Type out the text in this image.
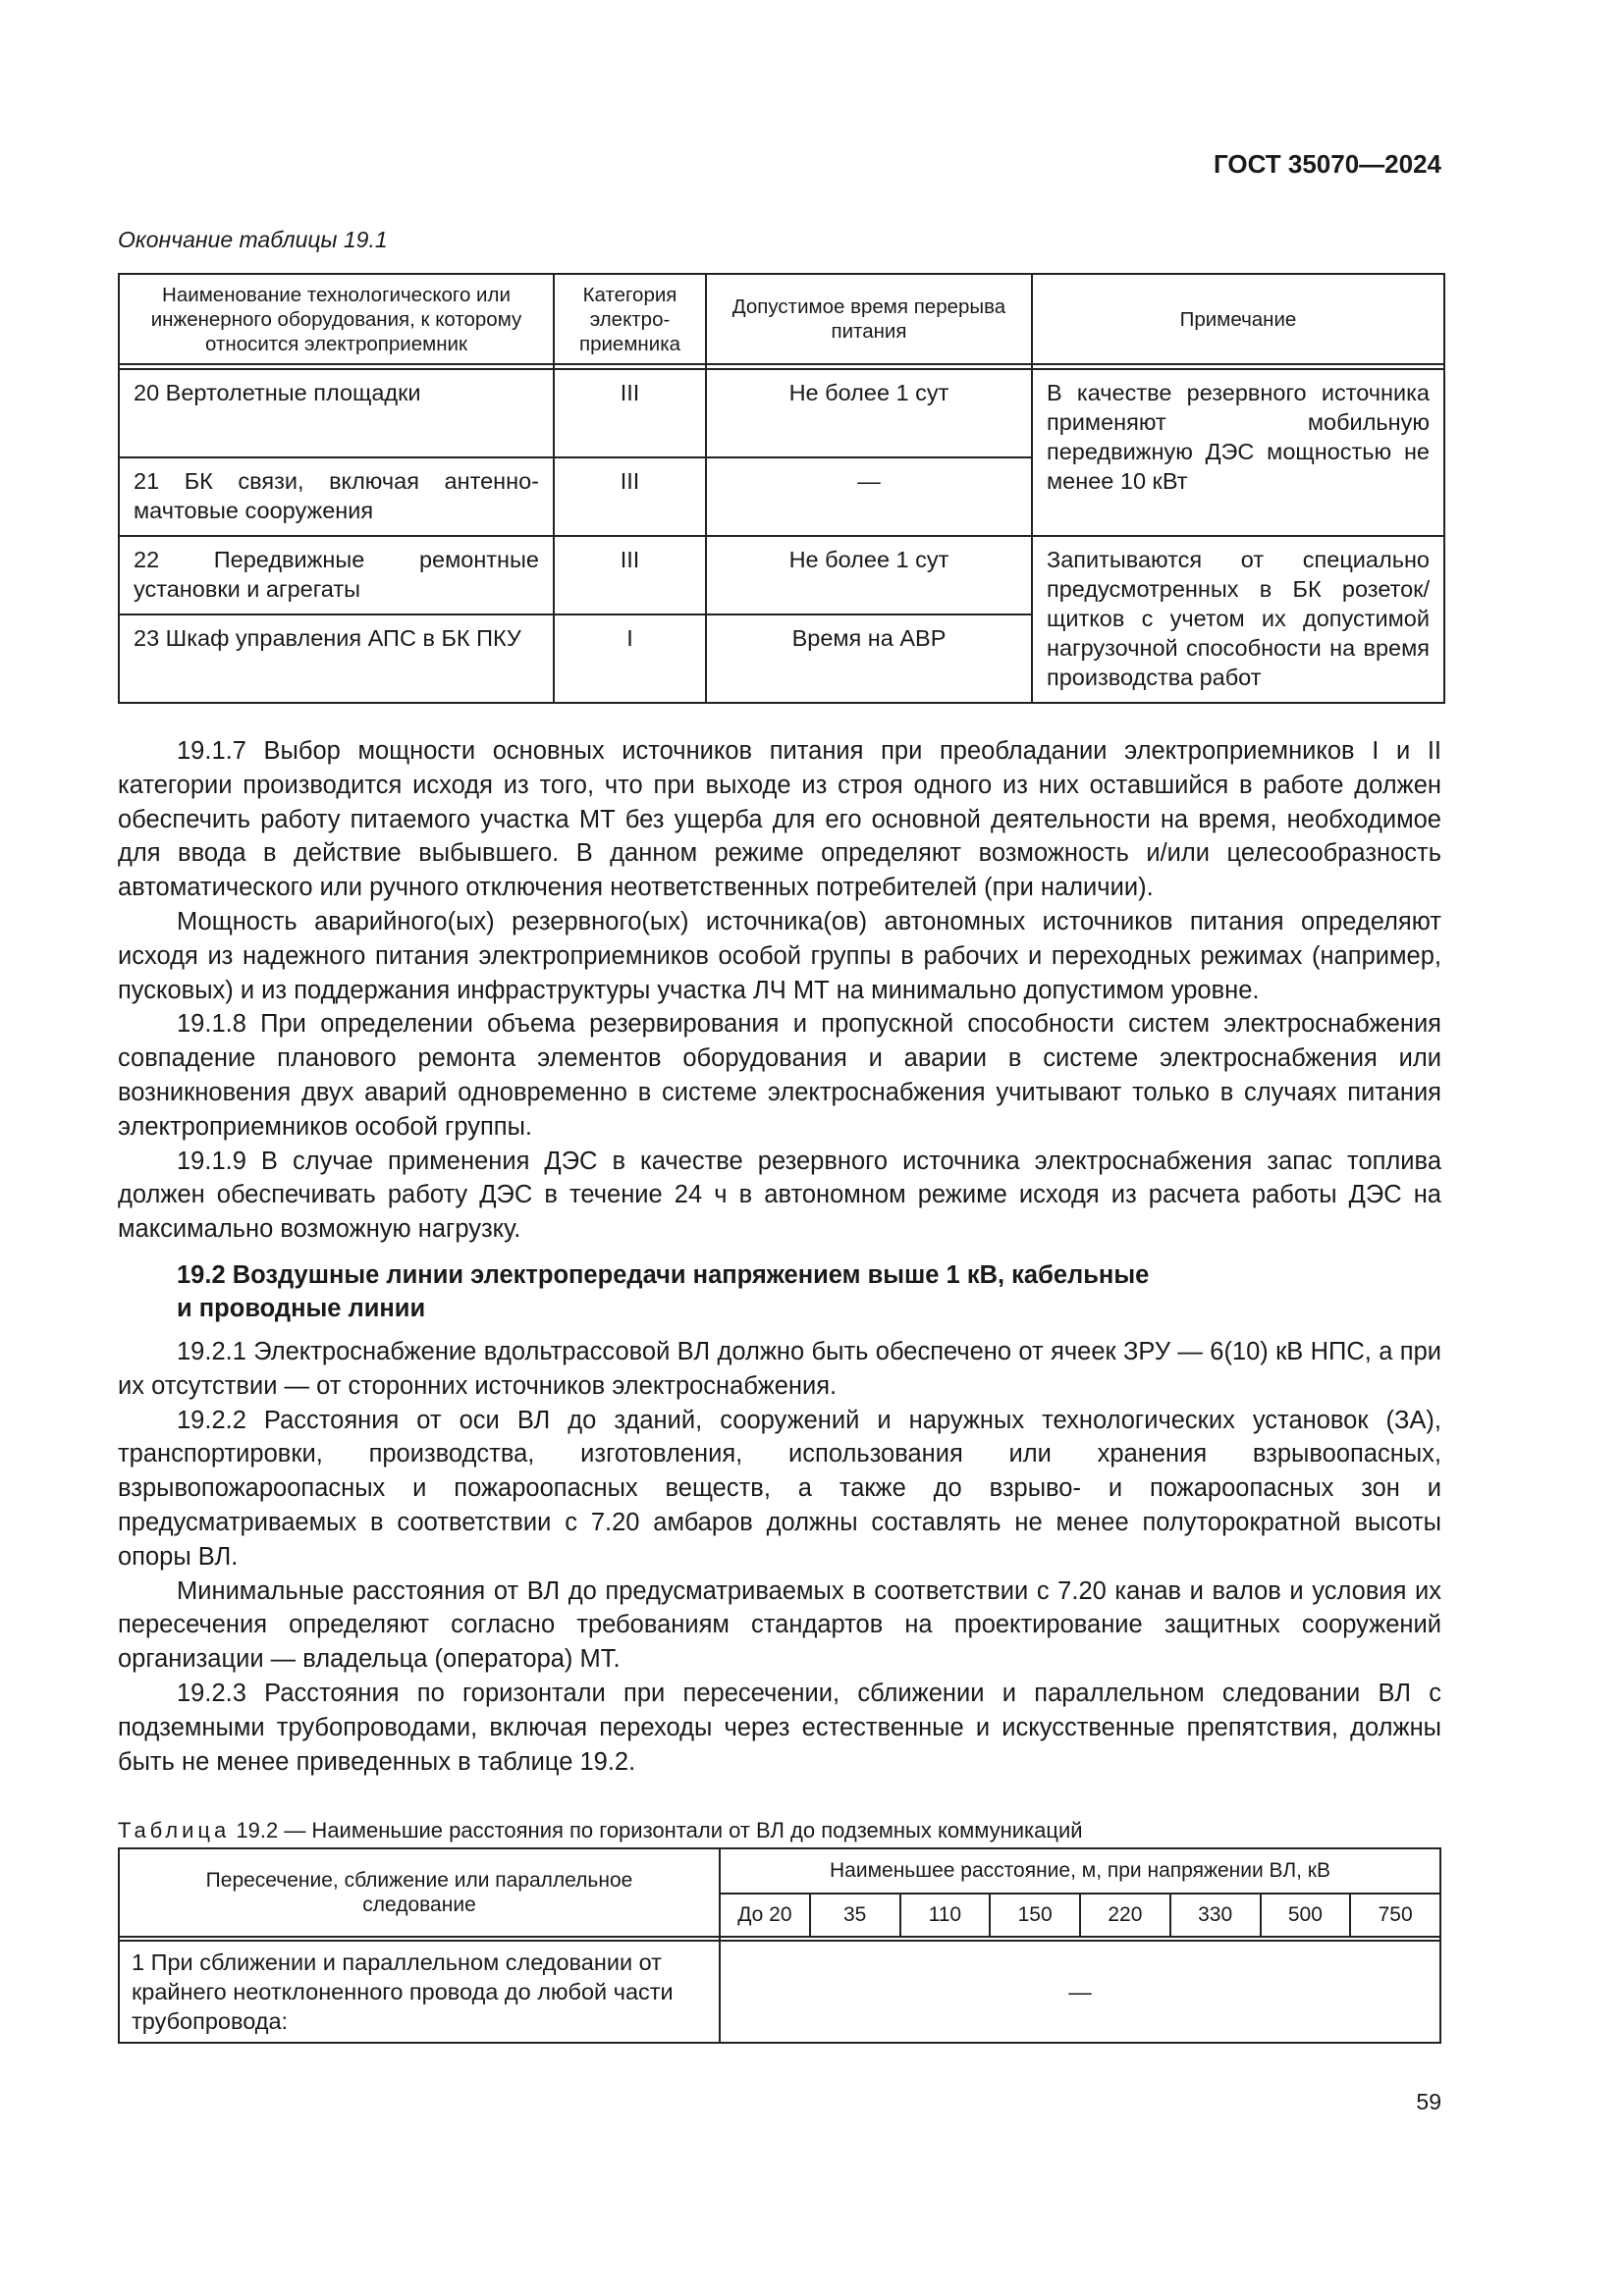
ГОСТ 35070—2024
Окончание таблицы 19.1
Наименование технологического или инженерного оборудования, к которому относится электроприемник	Категория электро-приемника	Допустимое время перерыва питания	Примечание

20 Вертолетные площадки	III	Не более 1 сут	В качестве резервного источника применяют мобильную передвижную ДЭС мощностью не менее 10 кВт
21 БК связи, включая антенно-мачтовые сооружения	III	—	
22 Передвижные ремонтные установки и агрегаты	III	Не более 1 сут	Запитываются от специально предусмотренных в БК розеток/щитков с учетом их допустимой нагрузочной способности на время производства работ
23 Шкаф управления АПС в БК ПКУ	I	Время на АВР	

19.1.7 Выбор мощности основных источников питания при преобладании электроприемников I и II категории производится исходя из того, что при выходе из строя одного из них оставшийся в работе должен обеспечить работу питаемого участка МТ без ущерба для его основной деятельности на время, необходимое для ввода в действие выбывшего. В данном режиме определяют возможность и/или целесообразность автоматического или ручного отключения неответственных потребителей (при наличии).

Мощность аварийного(ых) резервного(ых) источника(ов) автономных источников питания определяют исходя из надежного питания электроприемников особой группы в рабочих и переходных режимах (например, пусковых) и из поддержания инфраструктуры участка ЛЧ МТ на минимально допустимом уровне.

19.1.8 При определении объема резервирования и пропускной способности систем электроснабжения совпадение планового ремонта элементов оборудования и аварии в системе электроснабжения или возникновения двух аварий одновременно в системе электроснабжения учитывают только в случаях питания электроприемников особой группы.

19.1.9 В случае применения ДЭС в качестве резервного источника электроснабжения запас топлива должен обеспечивать работу ДЭС в течение 24 ч в автономном режиме исходя из расчета работы ДЭС на максимально возможную нагрузку.

19.2 Воздушные линии электропередачи напряжением выше 1 кВ, кабельные
и проводные линии

19.2.1 Электроснабжение вдольтрассовой ВЛ должно быть обеспечено от ячеек ЗРУ — 6(10) кВ НПС, а при их отсутствии — от сторонних источников электроснабжения.

19.2.2 Расстояния от оси ВЛ до зданий, сооружений и наружных технологических установок (ЗА), транспортировки, производства, изготовления, использования или хранения взрывоопасных, взрывопожароопасных и пожароопасных веществ, а также до взрыво- и пожароопасных зон и предусматриваемых в соответствии с 7.20 амбаров должны составлять не менее полуторократной высоты опоры ВЛ.

Минимальные расстояния от ВЛ до предусматриваемых в соответствии с 7.20 канав и валов и условия их пересечения определяют согласно требованиям стандартов на проектирование защитных сооружений организации — владельца (оператора) МТ.

19.2.3 Расстояния по горизонтали при пересечении, сближении и параллельном следовании ВЛ с подземными трубопроводами, включая переходы через естественные и искусственные препятствия, должны быть не менее приведенных в таблице 19.2.

Таблица 19.2 — Наименьшие расстояния по горизонтали от ВЛ до подземных коммуникаций
Пересечение, сближение или параллельное следование	Наименьшее расстояние, м, при напряжении ВЛ, кВ							
	До 20	35	110	150	220	330	500	750

1 При сближении и параллельном следовании от крайнего неотклоненного провода до любой части трубопровода:	—							
59
